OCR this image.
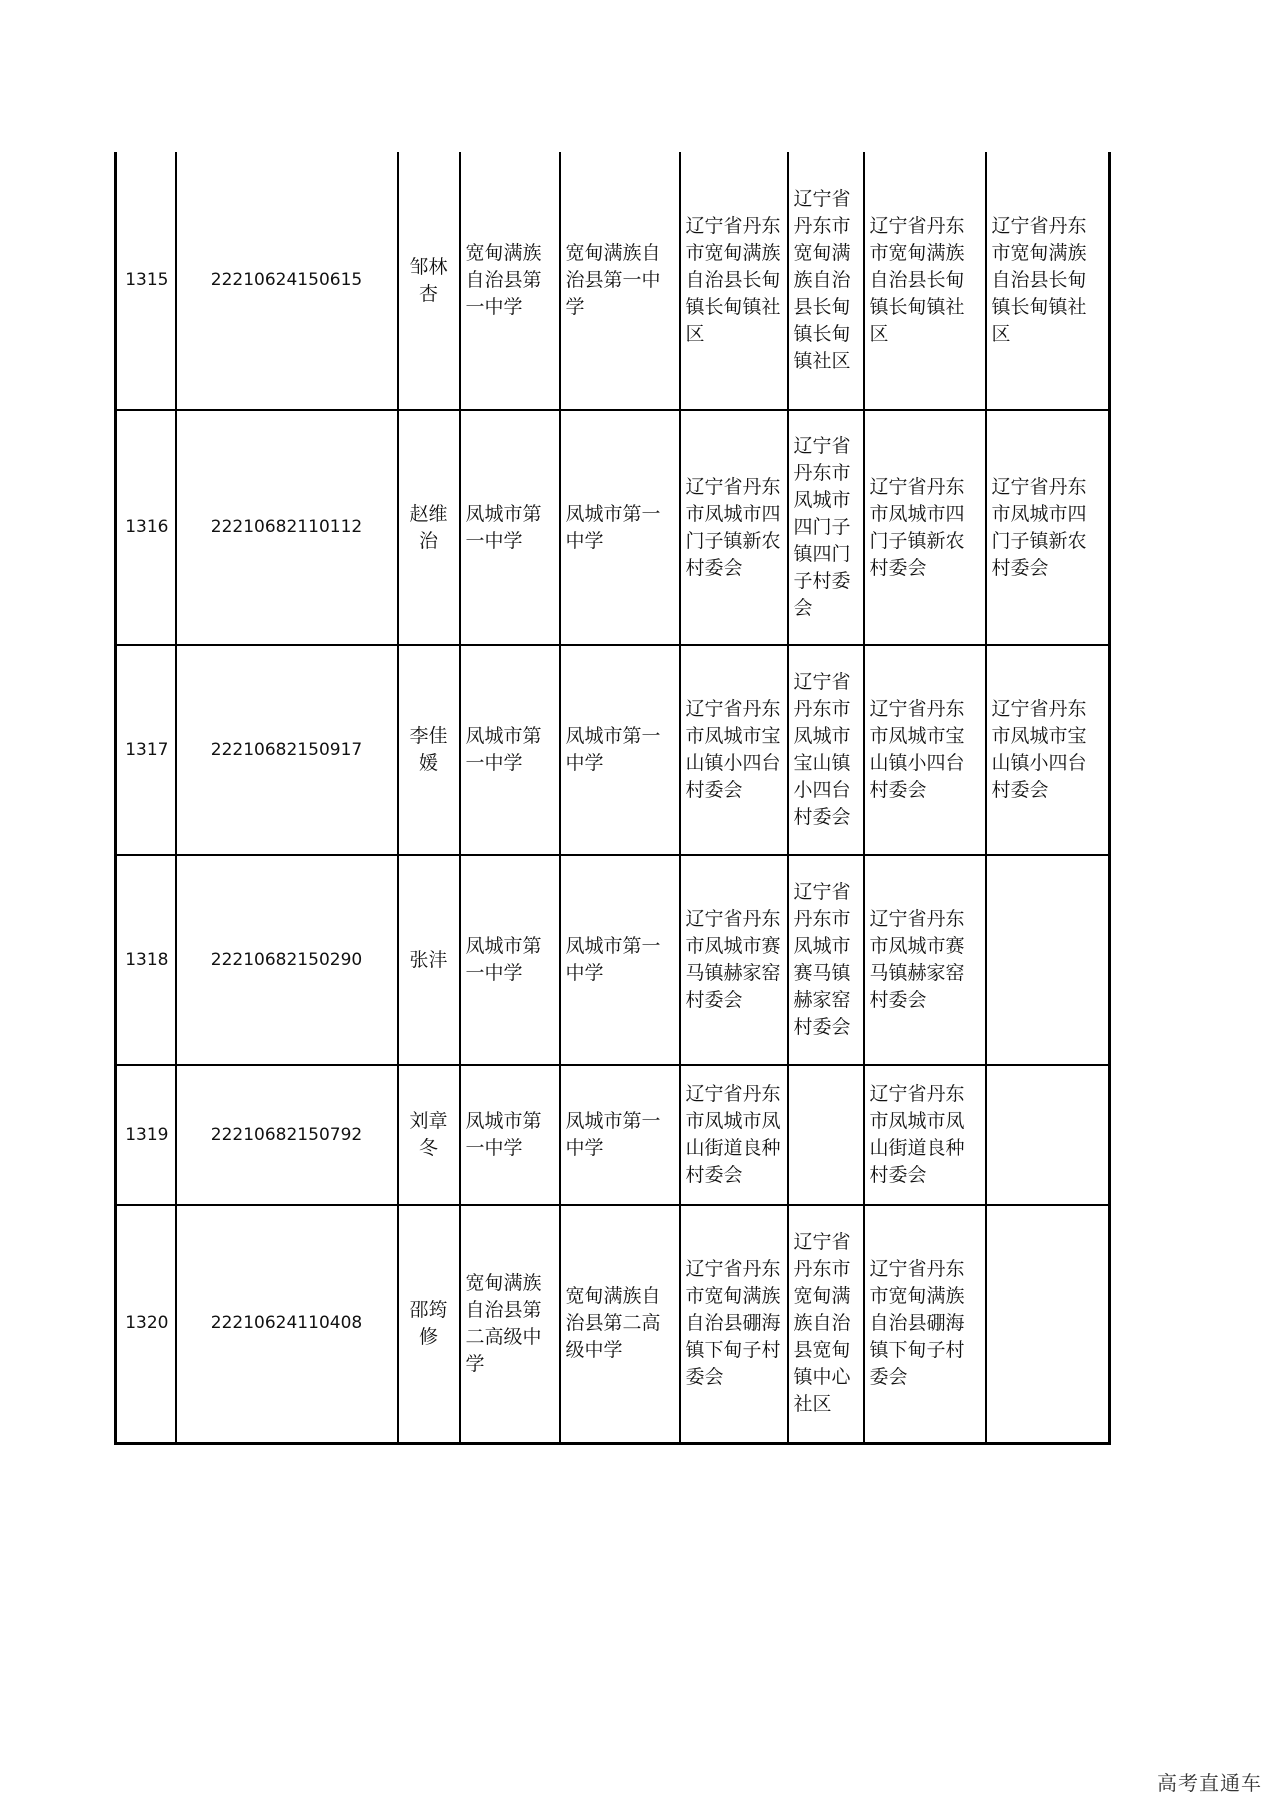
1315	22210624150615	邹林杏	宽甸满族自治县第一中学	宽甸满族自治县第一中学	辽宁省丹东市宽甸满族自治县长甸镇长甸镇社区	辽宁省丹东市宽甸满族自治县长甸镇长甸镇社区	辽宁省丹东市宽甸满族自治县长甸镇长甸镇社区	辽宁省丹东市宽甸满族自治县长甸镇长甸镇社区
1316	22210682110112	赵维治	凤城市第一中学	凤城市第一中学	辽宁省丹东市凤城市四门子镇新农村委会	辽宁省丹东市凤城市四门子镇四门子村委会	辽宁省丹东市凤城市四门子镇新农村委会	辽宁省丹东市凤城市四门子镇新农村委会
1317	22210682150917	李佳媛	凤城市第一中学	凤城市第一中学	辽宁省丹东市凤城市宝山镇小四台村委会	辽宁省丹东市凤城市宝山镇小四台村委会	辽宁省丹东市凤城市宝山镇小四台村委会	辽宁省丹东市凤城市宝山镇小四台村委会
1318	22210682150290	张沣	凤城市第一中学	凤城市第一中学	辽宁省丹东市凤城市赛马镇赫家窑村委会	辽宁省丹东市凤城市赛马镇赫家窑村委会	辽宁省丹东市凤城市赛马镇赫家窑村委会	
1319	22210682150792	刘章冬	凤城市第一中学	凤城市第一中学	辽宁省丹东市凤城市凤山街道良种村委会		辽宁省丹东市凤城市凤山街道良种村委会	
1320	22210624110408	邵筠修	宽甸满族自治县第二高级中学	宽甸满族自治县第二高级中学	辽宁省丹东市宽甸满族自治县硼海镇下甸子村委会	辽宁省丹东市宽甸满族自治县宽甸镇中心社区	辽宁省丹东市宽甸满族自治县硼海镇下甸子村委会	
高考直通车
